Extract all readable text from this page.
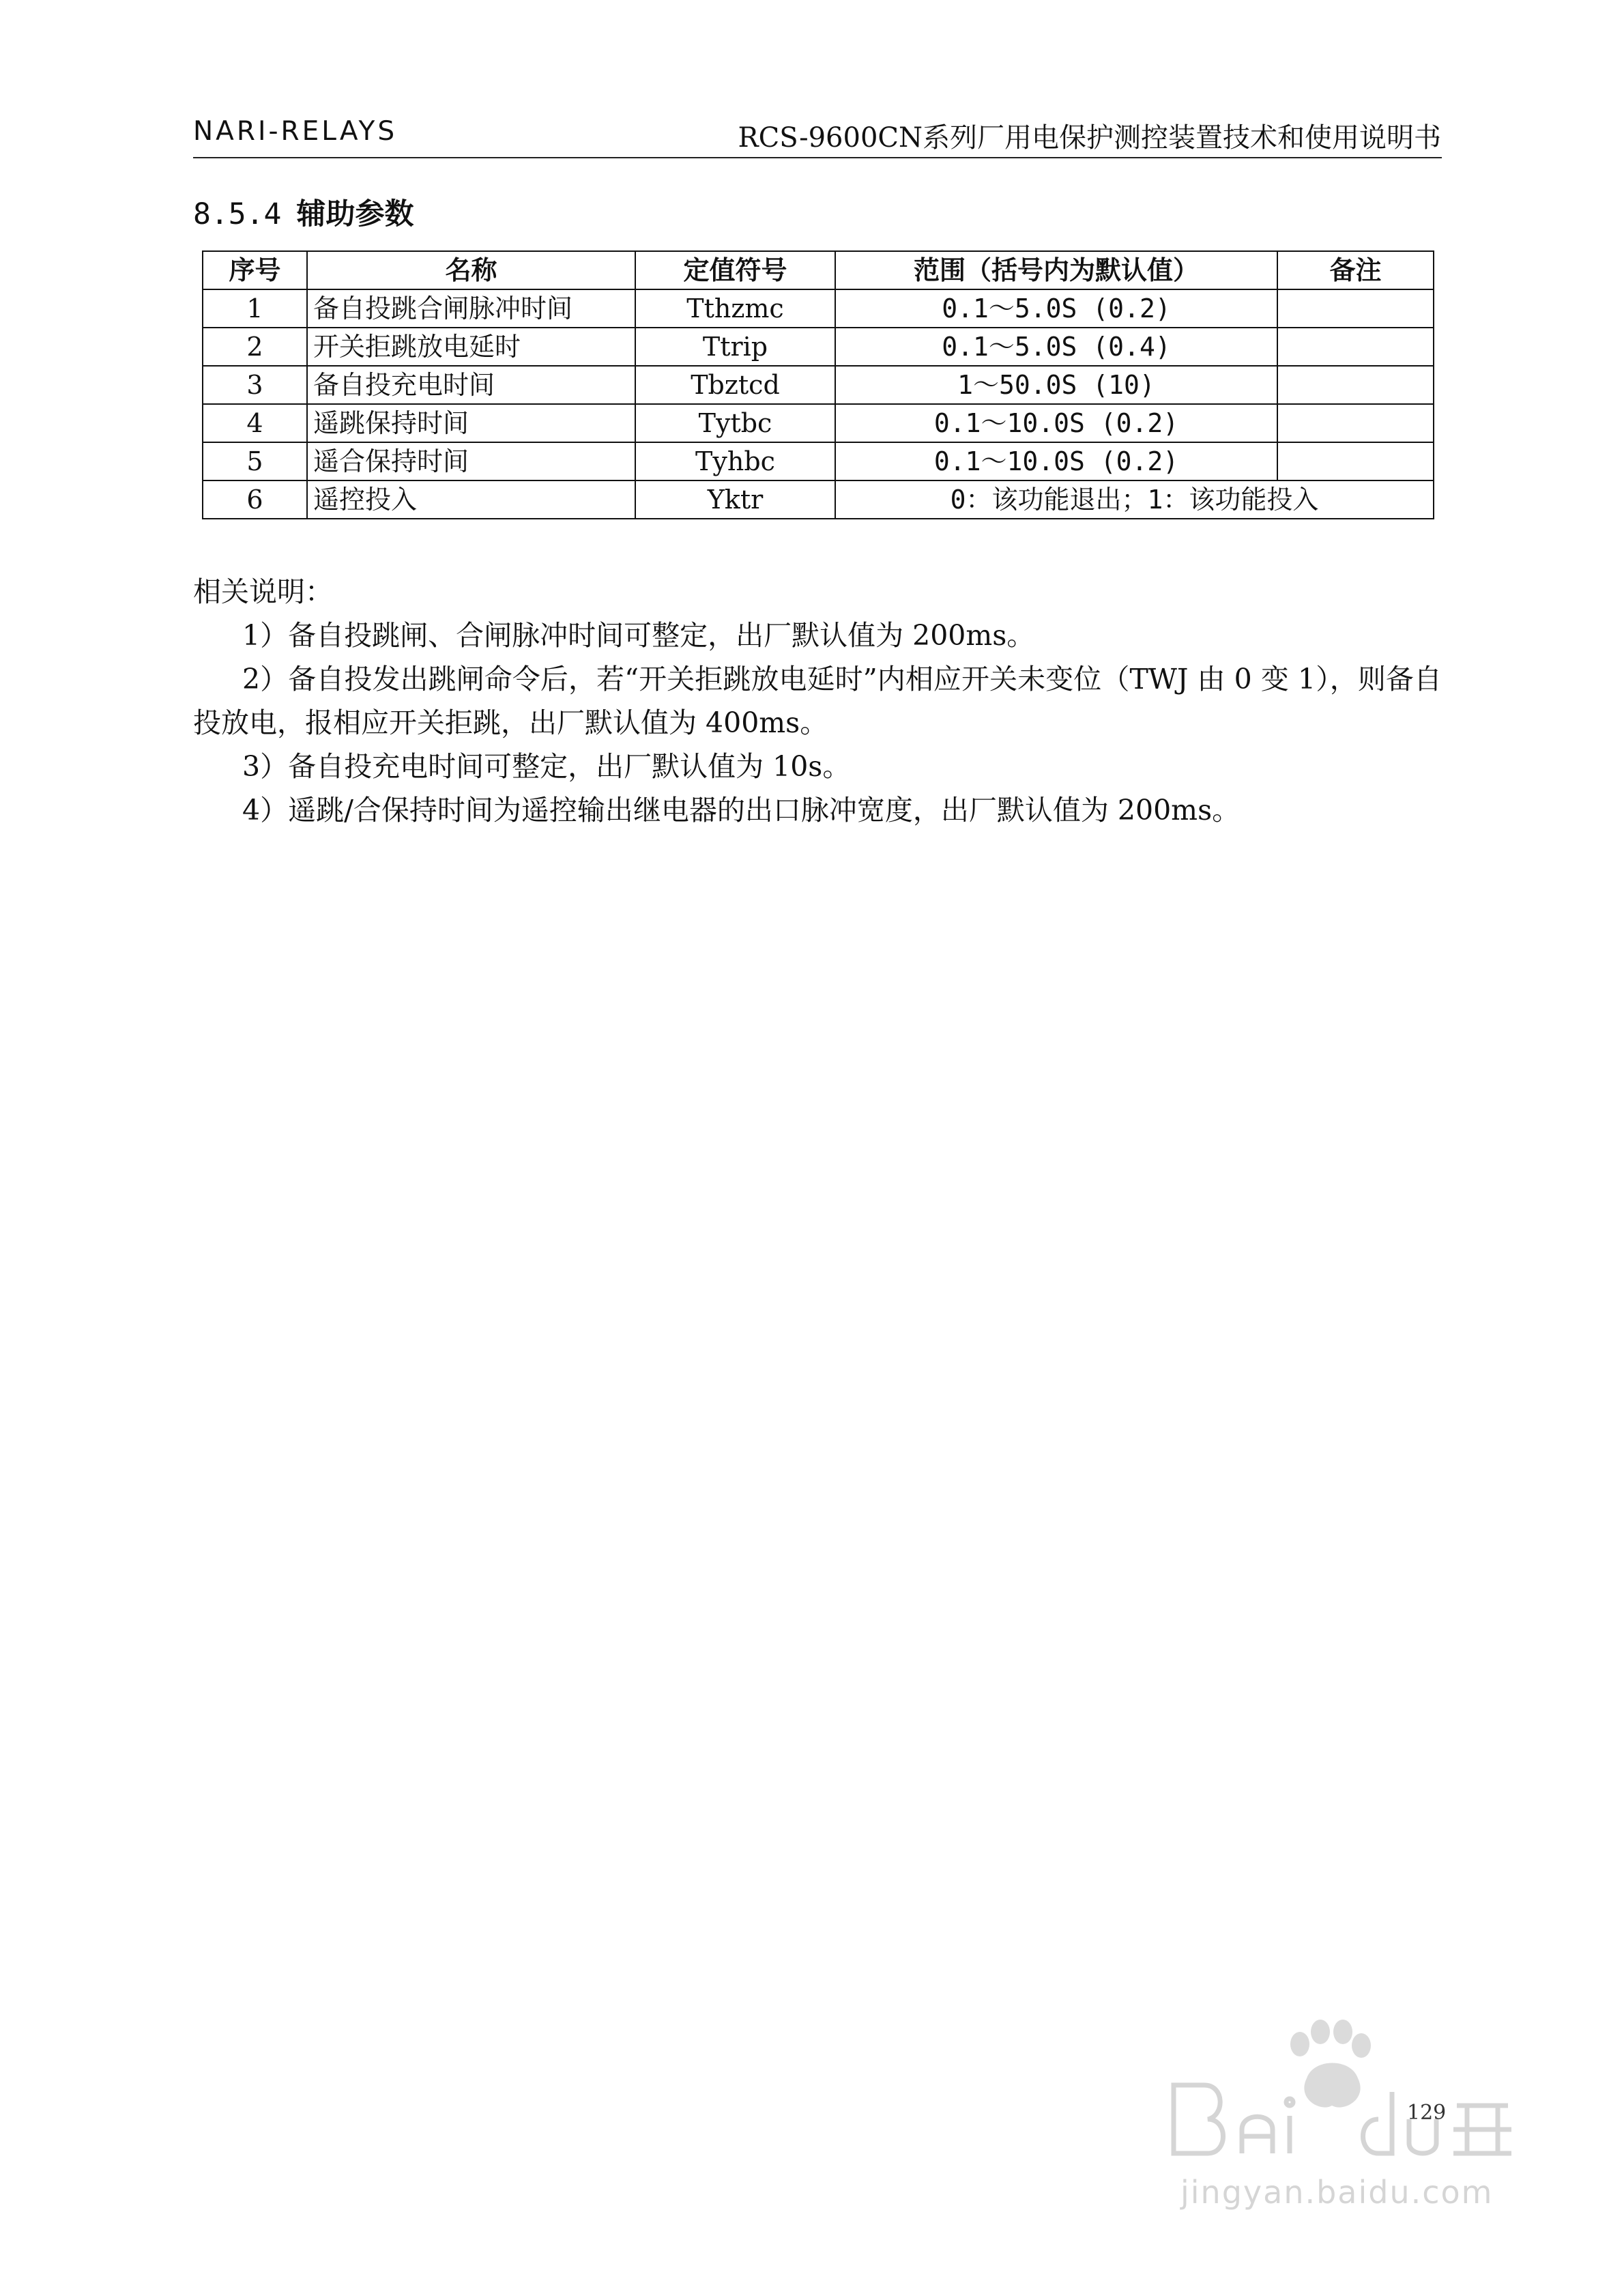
NARI-RELAYS	RCS-9600CN系列厂用电保护测控装置技术和使用说明书
8.5.4 辅助参数
序号	名称	定值符号	范围（括号内为默认值）	备注
1	备自投跳合闸脉冲时间	Tthzmc	0.1～5.0S (0.2)	
2	开关拒跳放电延时	Ttrip	0.1～5.0S (0.4)	
3	备自投充电时间	Tbztcd	1～50.0S (10)	
4	遥跳保持时间	Tytbc	0.1～10.0S (0.2)	
5	遥合保持时间	Tyhbc	0.1～10.0S (0.2)	
6	遥控投入	Yktr	0：该功能退出；1：该功能投入	

相关说明：

1）备自投跳闸、合闸脉冲时间可整定，出厂默认值为 200ms。

2）备自投发出跳闸命令后，若“开关拒跳放电延时”内相应开关未变位（TWJ 由 0 变 1），则备自投放电，报相应开关拒跳，出厂默认值为 400ms。

3）备自投充电时间可整定，出厂默认值为 10s。

4）遥跳/合保持时间为遥控输出继电器的出口脉冲宽度，出厂默认值为 200ms。

129
jingyan.baidu.com
